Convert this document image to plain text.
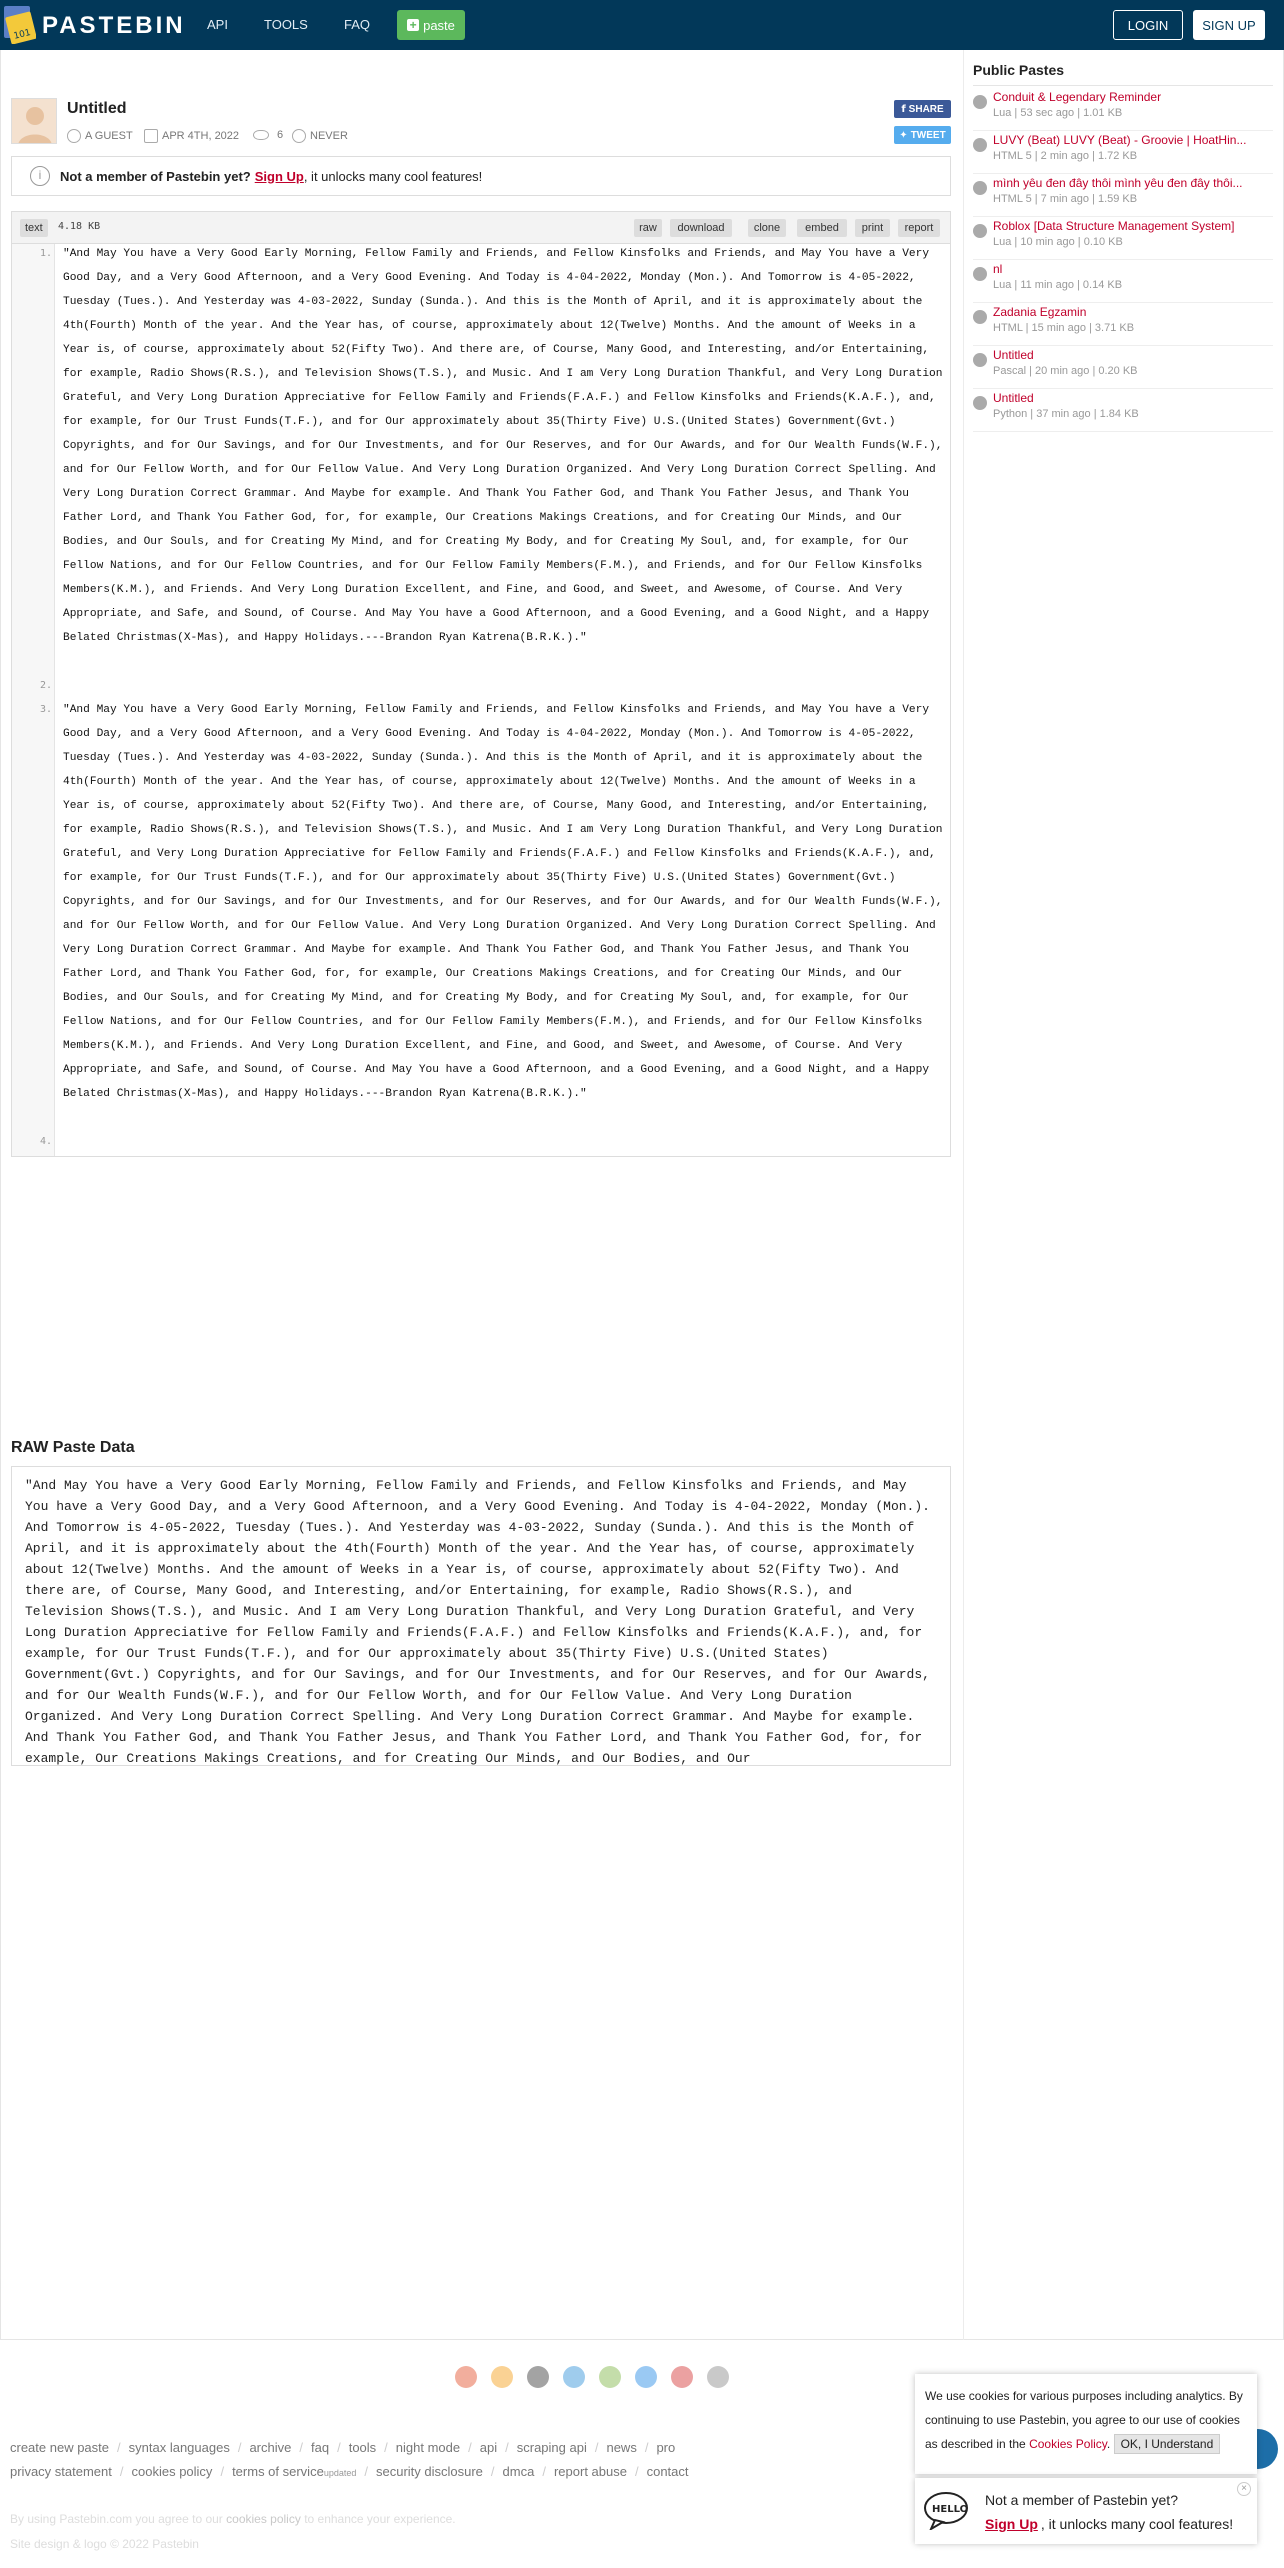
101 PASTEBIN API	TOOLS	FAQ	+ paste	LOGIN	SIGN UP
Untitled
A GUEST	APR 4TH, 2022	6 NEVER
f SHARE
✦ TWEET
i	Not a member of Pastebin yet? Sign Up , it unlocks many cool features!
text	4.18 KB	raw	download	clone	embed	print	report
1.
2.
3.
4.
"And May You have a Very Good Early Morning, Fellow Family and Friends, and Fellow Kinsfolks and Friends, and May You have a Very Good Day, and a Very Good Afternoon, and a Very Good Evening. And Today is 4-04-2022, Monday (Mon.). And Tomorrow is 4-05-2022, Tuesday (Tues.). And Yesterday was 4-03-2022, Sunday (Sunda.). And this is the Month of April, and it is approximately about the 4th(Fourth) Month of the year. And the Year has, of course, approximately about 12(Twelve) Months. And the amount of Weeks in a Year is, of course, approximately about 52(Fifty Two). And there are, of Course, Many Good, and Interesting, and/or Entertaining, for example, Radio Shows(R.S.), and Television Shows(T.S.), and Music. And I am Very Long Duration Thankful, and Very Long Duration Grateful, and Very Long Duration Appreciative for Fellow Family and Friends(F.A.F.) and Fellow Kinsfolks and Friends(K.A.F.), and, for example, for Our Trust Funds(T.F.), and for Our approximately about 35(Thirty Five) U.S.(United States) Government(Gvt.) Copyrights, and for Our Savings, and for Our Investments, and for Our Reserves, and for Our Awards, and for Our Wealth Funds(W.F.), and for Our Fellow Worth, and for Our Fellow Value. And Very Long Duration Organized. And Very Long Duration Correct Spelling. And Very Long Duration Correct Grammar. And Maybe for example. And Thank You Father God, and Thank You Father Jesus, and Thank You Father Lord, and Thank You Father God, for, for example, Our Creations Makings Creations, and for Creating Our Minds, and Our Bodies, and Our Souls, and for Creating My Mind, and for Creating My Body, and for Creating My Soul, and, for example, for Our Fellow Nations, and for Our Fellow Countries, and for Our Fellow Family Members(F.M.), and Friends, and for Our Fellow Kinsfolks Members(K.M.), and Friends. And Very Long Duration Excellent, and Fine, and Good, and Sweet, and Awesome, of Course. And Very Appropriate, and Safe, and Sound, of Course. And May You have a Good Afternoon, and a Good Evening, and a Good Night, and a Happy Belated Christmas(X-Mas), and Happy Holidays.---Brandon Ryan Katrena(B.R.K.)."
"And May You have a Very Good Early Morning, Fellow Family and Friends, and Fellow Kinsfolks and Friends, and May You have a Very Good Day, and a Very Good Afternoon, and a Very Good Evening. And Today is 4-04-2022, Monday (Mon.). And Tomorrow is 4-05-2022, Tuesday (Tues.). And Yesterday was 4-03-2022, Sunday (Sunda.). And this is the Month of April, and it is approximately about the 4th(Fourth) Month of the year. And the Year has, of course, approximately about 12(Twelve) Months. And the amount of Weeks in a Year is, of course, approximately about 52(Fifty Two). And there are, of Course, Many Good, and Interesting, and/or Entertaining, for example, Radio Shows(R.S.), and Television Shows(T.S.), and Music. And I am Very Long Duration Thankful, and Very Long Duration Grateful, and Very Long Duration Appreciative for Fellow Family and Friends(F.A.F.) and Fellow Kinsfolks and Friends(K.A.F.), and, for example, for Our Trust Funds(T.F.), and for Our approximately about 35(Thirty Five) U.S.(United States) Government(Gvt.) Copyrights, and for Our Savings, and for Our Investments, and for Our Reserves, and for Our Awards, and for Our Wealth Funds(W.F.), and for Our Fellow Worth, and for Our Fellow Value. And Very Long Duration Organized. And Very Long Duration Correct Spelling. And Very Long Duration Correct Grammar. And Maybe for example. And Thank You Father God, and Thank You Father Jesus, and Thank You Father Lord, and Thank You Father God, for, for example, Our Creations Makings Creations, and for Creating Our Minds, and Our Bodies, and Our Souls, and for Creating My Mind, and for Creating My Body, and for Creating My Soul, and, for example, for Our Fellow Nations, and for Our Fellow Countries, and for Our Fellow Family Members(F.M.), and Friends, and for Our Fellow Kinsfolks Members(K.M.), and Friends. And Very Long Duration Excellent, and Fine, and Good, and Sweet, and Awesome, of Course. And Very Appropriate, and Safe, and Sound, of Course. And May You have a Good Afternoon, and a Good Evening, and a Good Night, and a Happy Belated Christmas(X-Mas), and Happy Holidays.---Brandon Ryan Katrena(B.R.K.)."
RAW Paste Data
"And May You have a Very Good Early Morning, Fellow Family and Friends, and Fellow Kinsfolks and Friends, and May You have a Very Good Day, and a Very Good Afternoon, and a Very Good Evening. And Today is 4-04-2022, Monday (Mon.). And Tomorrow is 4-05-2022, Tuesday (Tues.). And Yesterday was 4-03-2022, Sunday (Sunda.). And this is the Month of April, and it is approximately about the 4th(Fourth) Month of the year. And the Year has, of course, approximately about 12(Twelve) Months. And the amount of Weeks in a Year is, of course, approximately about 52(Fifty Two). And there are, of Course, Many Good, and Interesting, and/or Entertaining, for example, Radio Shows(R.S.), and Television Shows(T.S.), and Music. And I am Very Long Duration Thankful, and Very Long Duration Grateful, and Very Long Duration Appreciative for Fellow Family and Friends(F.A.F.) and Fellow Kinsfolks and Friends(K.A.F.), and, for example, for Our Trust Funds(T.F.), and for Our approximately about 35(Thirty Five) U.S.(United States) Government(Gvt.) Copyrights, and for Our Savings, and for Our Investments, and for Our Reserves, and for Our Awards, and for Our Wealth Funds(W.F.), and for Our Fellow Worth, and for Our Fellow Value. And Very Long Duration Organized. And Very Long Duration Correct Spelling. And Very Long Duration Correct Grammar. And Maybe for example. And Thank You Father God, and Thank You Father Jesus, and Thank You Father Lord, and Thank You Father God, for, for example, Our Creations Makings Creations, and for Creating Our Minds, and Our Bodies, and Our
Public Pastes
Conduit & Legendary Reminder
Lua | 53 sec ago | 1.01 KB
LUVY (Beat) LUVY (Beat) - Groovie | HoatHin...
HTML 5 | 2 min ago | 1.72 KB
mình yêu đen đây thôi mình yêu đen đây thôi...
HTML 5 | 7 min ago | 1.59 KB
Roblox [Data Structure Management System]
Lua | 10 min ago | 0.10 KB
nl
Lua | 11 min ago | 0.14 KB
Zadania Egzamin
HTML | 15 min ago | 3.71 KB
Untitled
Pascal | 20 min ago | 0.20 KB
Untitled
Python | 37 min ago | 1.84 KB
create new paste / syntax languages / archive / faq / tools / night mode / api / scraping api / news / pro
privacy statement / cookies policy / terms of service updated / security disclosure / dmca / report abuse / contact
By using Pastebin.com you agree to our cookies policy to enhance your experience.
Site design & logo © 2022 Pastebin
We use cookies for various purposes including analytics. By continuing to use Pastebin, you agree to our use of cookies as described in the Cookies Policy. OK, I Understand
×
HELLO
Not a member of Pastebin yet?
Sign Up , it unlocks many cool features!
